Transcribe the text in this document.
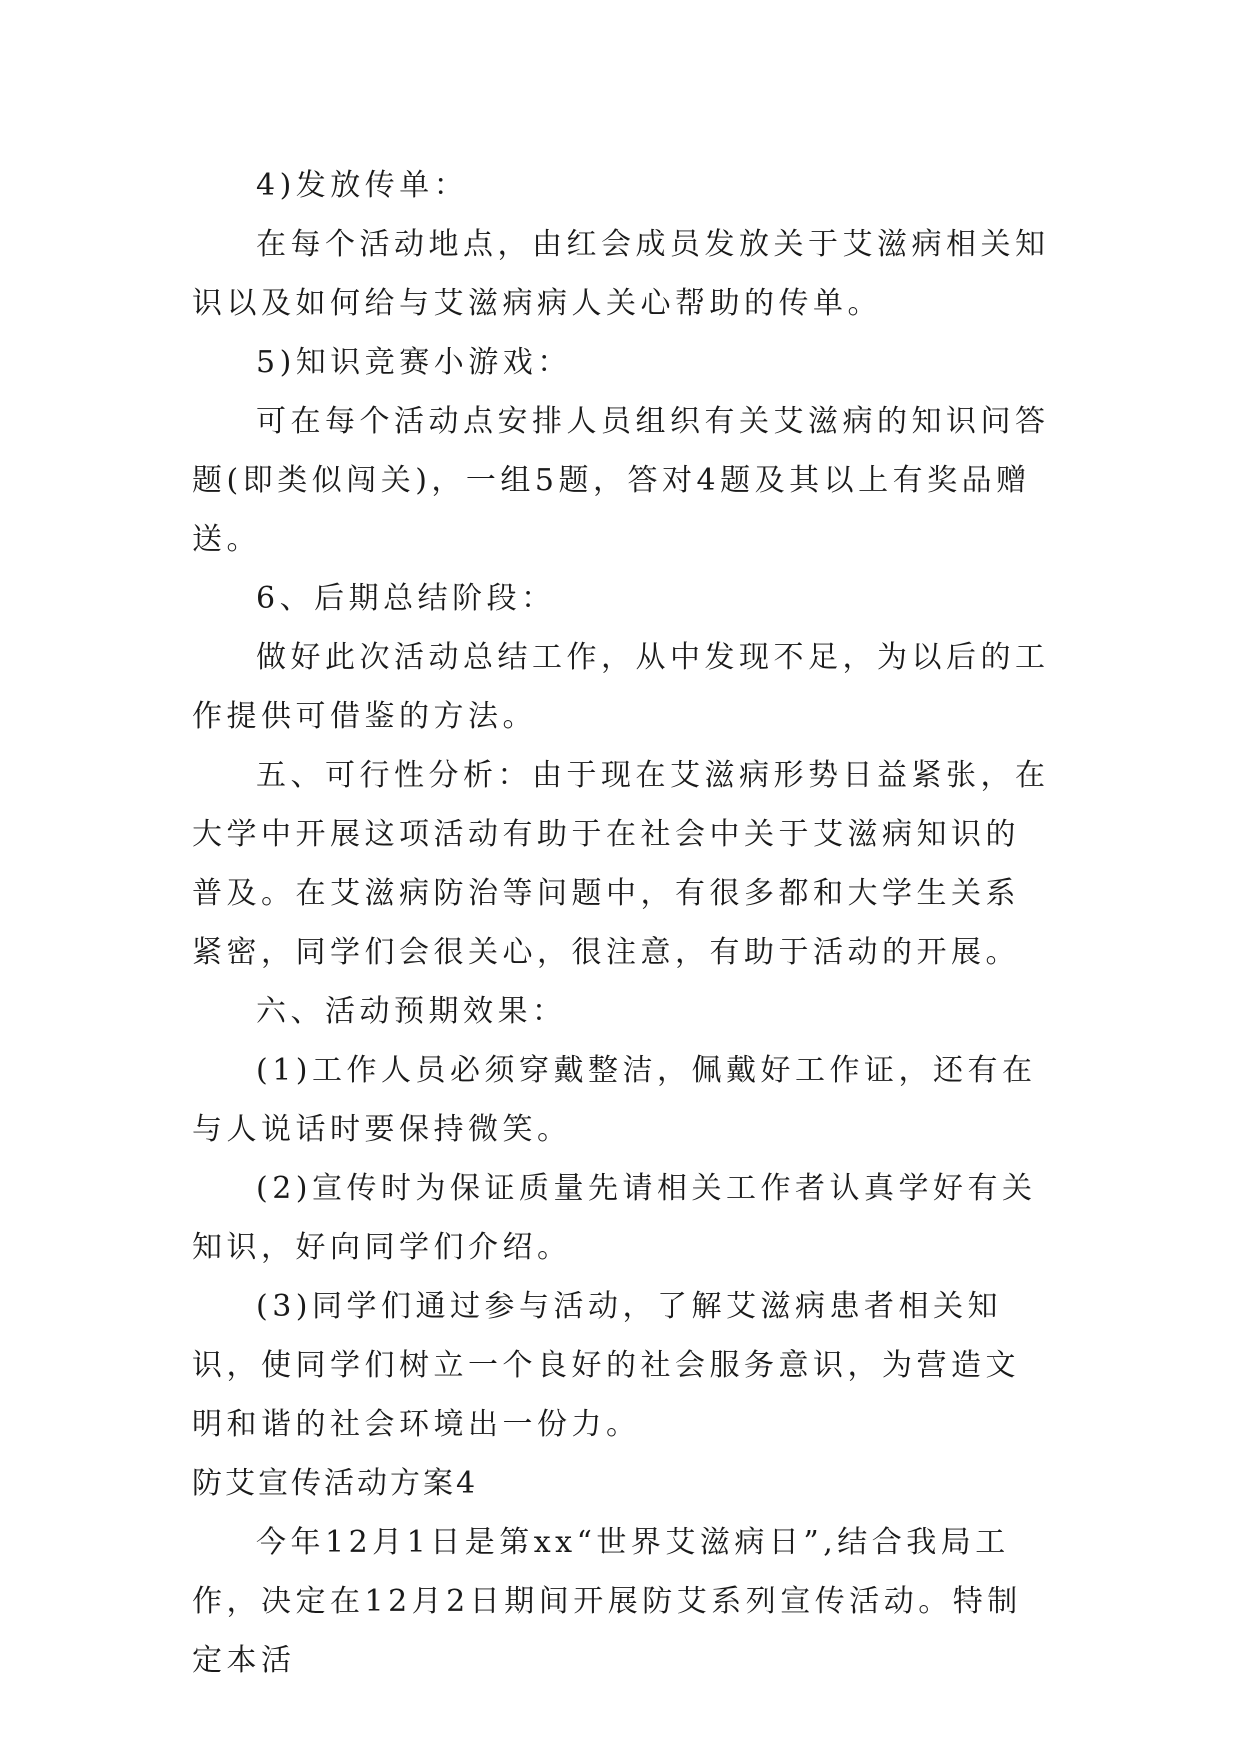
4)发放传单：

在每个活动地点，由红会成员发放关于艾滋病相关知识以及如何给与艾滋病病人关心帮助的传单。

5)知识竞赛小游戏：

可在每个活动点安排人员组织有关艾滋病的知识问答题(即类似闯关)，一组5题，答对4题及其以上有奖品赠送。

6、后期总结阶段：

做好此次活动总结工作，从中发现不足，为以后的工作提供可借鉴的方法。

五、可行性分析：由于现在艾滋病形势日益紧张，在大学中开展这项活动有助于在社会中关于艾滋病知识的普及。在艾滋病防治等问题中，有很多都和大学生关系紧密，同学们会很关心，很注意，有助于活动的开展。

六、活动预期效果：

(1)工作人员必须穿戴整洁，佩戴好工作证，还有在与人说话时要保持微笑。

(2)宣传时为保证质量先请相关工作者认真学好有关知识，好向同学们介绍。

(3)同学们通过参与活动，了解艾滋病患者相关知识，使同学们树立一个良好的社会服务意识，为营造文明和谐的社会环境出一份力。

防艾宣传活动方案4

今年12月1日是第xx“世界艾滋病日”,结合我局工作，决定在12月2日期间开展防艾系列宣传活动。特制定本活
